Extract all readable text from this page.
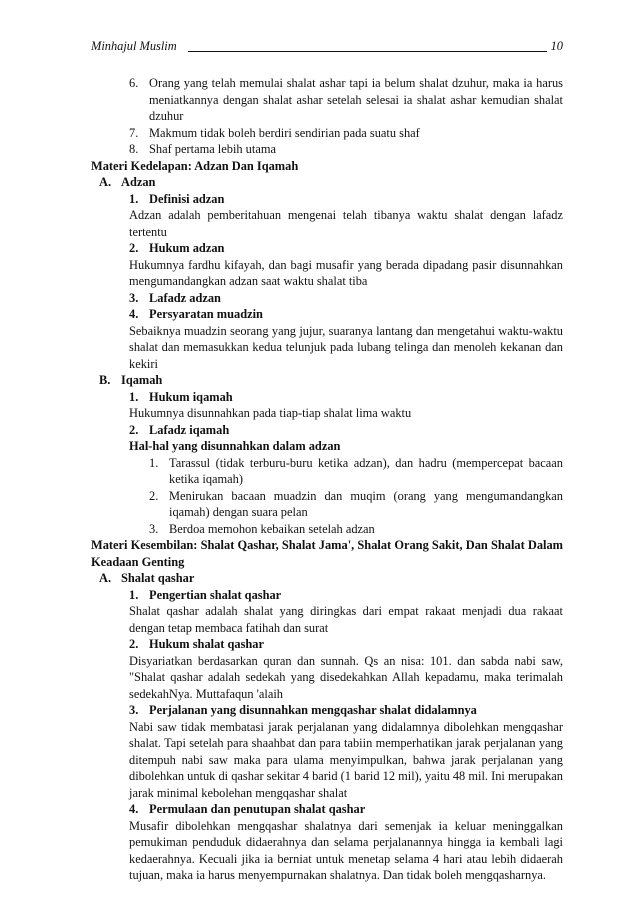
Minhajul Muslim	10
6. Orang yang telah memulai shalat ashar tapi ia belum shalat dzuhur, maka ia harus meniatkannya dengan shalat ashar setelah selesai ia shalat ashar kemudian shalat dzuhur
7. Makmum tidak boleh berdiri sendirian pada suatu shaf
8. Shaf pertama lebih utama
Materi Kedelapan: Adzan Dan Iqamah
A. Adzan
1. Definisi adzan
Adzan adalah pemberitahuan mengenai telah tibanya waktu shalat dengan lafadz tertentu
2. Hukum adzan
Hukumnya fardhu kifayah, dan bagi musafir yang berada dipadang pasir disunnahkan mengumandangkan adzan saat waktu shalat tiba
3. Lafadz adzan
4. Persyaratan muadzin
Sebaiknya muadzin seorang yang jujur, suaranya lantang dan mengetahui waktu-waktu shalat dan memasukkan kedua telunjuk pada lubang telinga dan menoleh kekanan dan kekiri
B. Iqamah
1. Hukum iqamah
Hukumnya disunnahkan pada tiap-tiap shalat lima waktu
2. Lafadz iqamah
Hal-hal yang disunnahkan dalam adzan
1. Tarassul (tidak terburu-buru ketika adzan), dan hadru (mempercepat bacaan ketika iqamah)
2. Menirukan bacaan muadzin dan muqim (orang yang mengumandangkan iqamah) dengan suara pelan
3. Berdoa memohon kebaikan setelah adzan
Materi Kesembilan: Shalat Qashar, Shalat Jama', Shalat Orang Sakit, Dan Shalat Dalam Keadaan Genting
A. Shalat qashar
1. Pengertian shalat qashar
Shalat qashar adalah shalat yang diringkas dari empat rakaat menjadi dua rakaat dengan tetap membaca fatihah dan surat
2. Hukum shalat qashar
Disyariatkan berdasarkan quran dan sunnah. Qs an nisa: 101. dan sabda nabi saw, "Shalat qashar adalah sedekah yang disedekahkan Allah kepadamu, maka terimalah sedekahNya. Muttafaqun 'alaih
3. Perjalanan yang disunnahkan mengqashar shalat didalamnya
Nabi saw tidak membatasi jarak perjalanan yang didalamnya dibolehkan mengqashar shalat. Tapi setelah para shaahbat dan para tabiin memperhatikan jarak perjalanan yang ditempuh nabi saw maka para ulama menyimpulkan, bahwa jarak perjalanan yang dibolehkan untuk di qashar sekitar 4 barid (1 barid 12 mil), yaitu 48 mil. Ini merupakan jarak minimal kebolehan mengqashar shalat
4. Permulaan dan penutupan shalat qashar
Musafir dibolehkan mengqashar shalatnya dari semenjak ia keluar meninggalkan pemukiman penduduk didaerahnya dan selama perjalanannya hingga ia kembali lagi kedaerahnya. Kecuali jika ia berniat untuk menetap selama 4 hari atau lebih didaerah tujuan, maka ia harus menyempurnakan shalatnya. Dan tidak boleh mengqasharnya.
